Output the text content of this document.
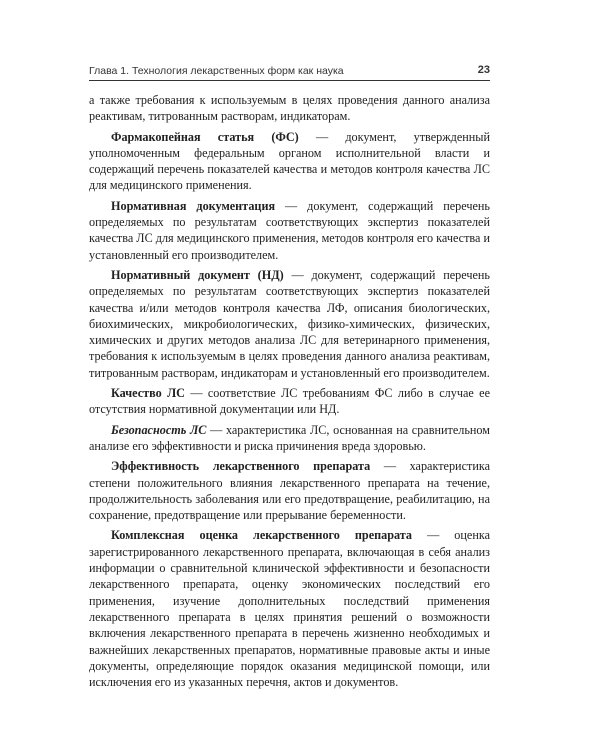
Глава 1. Технология лекарственных форм как наука	23

а также требования к используемым в целях проведения данного анализа реактивам, титрованным растворам, индикаторам.

Фармакопейная статья (ФС) — документ, утвержденный уполномоченным федеральным органом исполнительной власти и содержащий перечень показателей качества и методов контроля качества ЛС для медицинского применения.

Нормативная документация — документ, содержащий перечень определяемых по результатам соответствующих экспертиз показателей качества ЛС для медицинского применения, методов контроля его качества и установленный его производителем.

Нормативный документ (НД) — документ, содержащий перечень определяемых по результатам соответствующих экспертиз показателей качества и/или методов контроля качества ЛФ, описания биологических, биохимических, микробиологических, физико-химических, физических, химических и других методов анализа ЛС для ветеринарного применения, требования к используемым в целях проведения данного анализа реактивам, титрованным растворам, индикаторам и установленный его производителем.

Качество ЛС — соответствие ЛС требованиям ФС либо в случае ее отсутствия нормативной документации или НД.

Безопасность ЛС — характеристика ЛС, основанная на сравнительном анализе его эффективности и риска причинения вреда здоровью.

Эффективность лекарственного препарата — характеристика степени положительного влияния лекарственного препарата на течение, продолжительность заболевания или его предотвращение, реабилитацию, на сохранение, предотвращение или прерывание беременности.

Комплексная оценка лекарственного препарата — оценка зарегистрированного лекарственного препарата, включающая в себя анализ информации о сравнительной клинической эффективности и безопасности лекарственного препарата, оценку экономических последствий его применения, изучение дополнительных последствий применения лекарственного препарата в целях принятия решений о возможности включения лекарственного препарата в перечень жизненно необходимых и важнейших лекарственных препаратов, нормативные правовые акты и иные документы, определяющие порядок оказания медицинской помощи, или исключения его из указанных перечня, актов и документов.
